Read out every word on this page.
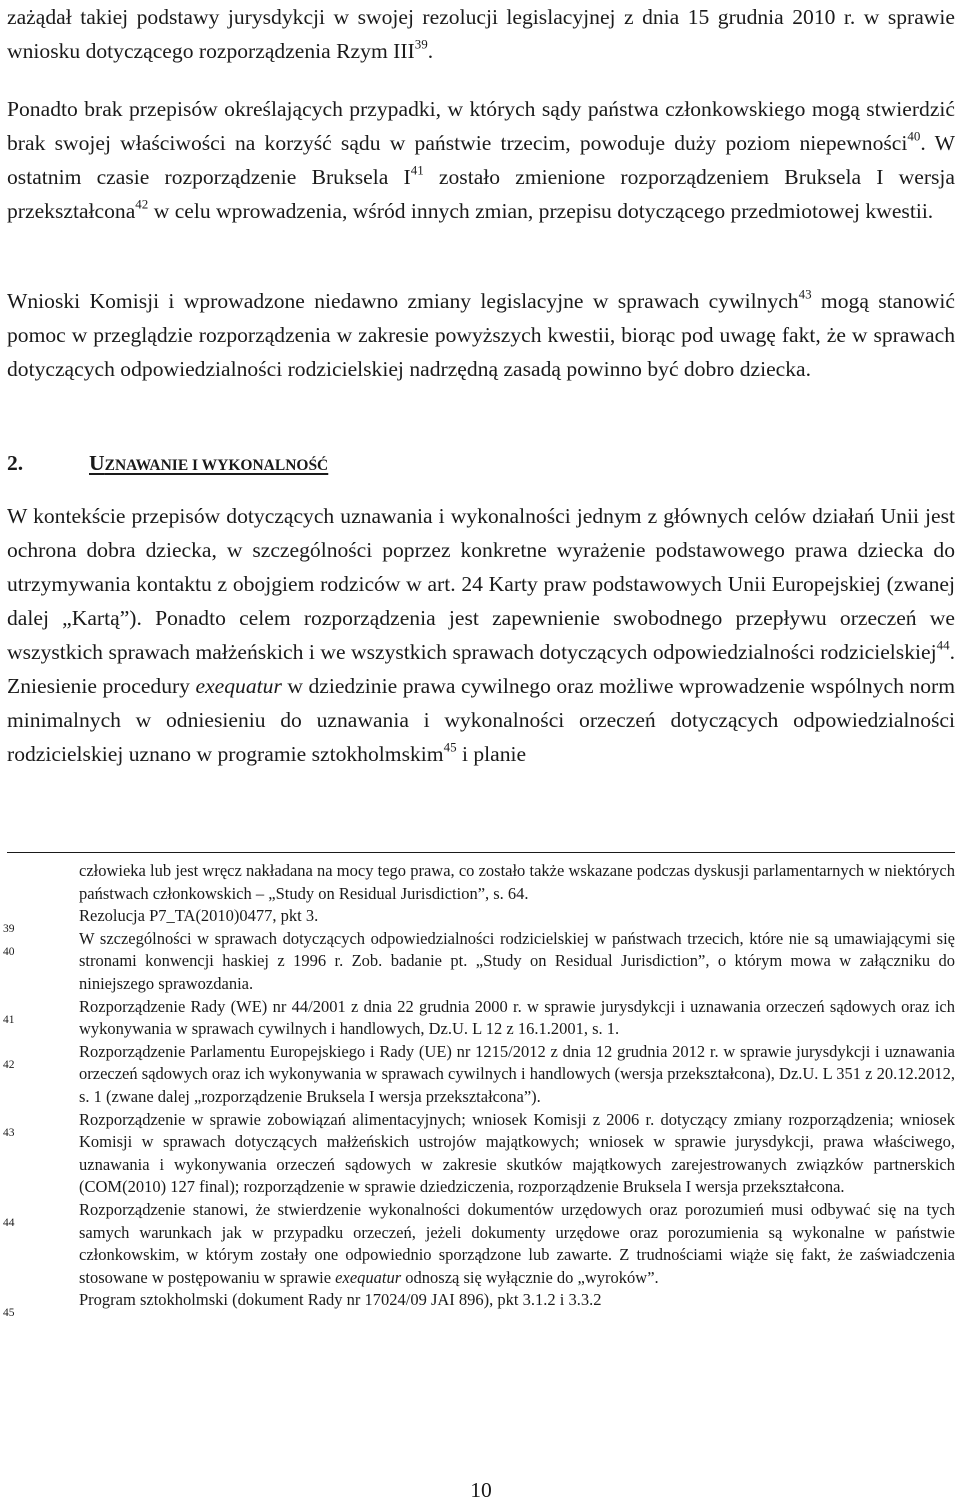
zażądał takiej podstawy jurysdykcji w swojej rezolucji legislacyjnej z dnia 15 grudnia 2010 r. w sprawie wniosku dotyczącego rozporządzenia Rzym III$^{39}$.

Ponadto brak przepisów określających przypadki, w których sądy państwa członkowskiego mogą stwierdzić brak swojej właściwości na korzyść sądu w państwie trzecim, powoduje duży poziom niepewności$^{40}$. W ostatnim czasie rozporządzenie Bruksela $I^{41}$ zostało zmienione rozporządzeniem Bruksela I wersja przekształcona$^{42}$ w celu wprowadzenia, wśród innych zmian, przepisu dotyczącego przedmiotowej kwestii.

Wnioski Komisji i wprowadzone niedawno zmiany legislacyjne w sprawach cywilnych$^{43}$ mogą stanowić pomoc w przeglądzie rozporządzenia w zakresie powyższych kwestii, biorąc pod uwagę fakt, że w sprawach dotyczących odpowiedzialności rodzicielskiej nadrzędną zasadą powinno być dobro dziecka.

2.	UZNAWANIE I WYKONALNOŚĆ

W kontekście przepisów dotyczących uznawania i wykonalności jednym z głównych celów działań Unii jest ochrona dobra dziecka, w szczególności poprzez konkretne wyrażenie podstawowego prawa dziecka do utrzymywania kontaktu z obojgiem rodziców w art. 24 Karty praw podstawowych Unii Europejskiej (zwanej dalej „Kartą”). Ponadto celem rozporządzenia jest zapewnienie swobodnego przepływu orzeczeń we wszystkich sprawach małżeńskich i we wszystkich sprawach dotyczących odpowiedzialności rodzicielskiej$^{44}$. Zniesienie procedury exequatur w dziedzinie prawa cywilnego oraz możliwe wprowadzenie wspólnych norm minimalnych w odniesieniu do uznawania i wykonalności orzeczeń dotyczących odpowiedzialności rodzicielskiej uznano w programie sztokholmskim$^{45}$ i planie

człowieka lub jest wręcz nakładana na mocy tego prawa, co zostało także wskazane podczas dyskusji parlamentarnych w niektórych państwach członkowskich – „Study on Residual Jurisdiction”, s. 64.
39
Rezolucja P7_TA(2010)0477, pkt 3.
40
W szczególności w sprawach dotyczących odpowiedzialności rodzicielskiej w państwach trzecich, które nie są umawiającymi się stronami konwencji haskiej z 1996 r. Zob. badanie pt. „Study on Residual Jurisdiction”, o którym mowa w załączniku do niniejszego sprawozdania.
41
Rozporządzenie Rady (WE) nr 44/2001 z dnia 22 grudnia 2000 r. w sprawie jurysdykcji i uznawania orzeczeń sądowych oraz ich wykonywania w sprawach cywilnych i handlowych, Dz.U. L 12 z 16.1.2001, s. 1.
42
Rozporządzenie Parlamentu Europejskiego i Rady (UE) nr 1215/2012 z dnia 12 grudnia 2012 r. w sprawie jurysdykcji i uznawania orzeczeń sądowych oraz ich wykonywania w sprawach cywilnych i handlowych (wersja przekształcona), Dz.U. L 351 z 20.12.2012, s. 1 (zwane dalej „rozporządzenie Bruksela I wersja przekształcona”).
43
Rozporządzenie w sprawie zobowiązań alimentacyjnych; wniosek Komisji z 2006 r. dotyczący zmiany rozporządzenia; wniosek Komisji w sprawach dotyczących małżeńskich ustrojów majątkowych; wniosek w sprawie jurysdykcji, prawa właściwego, uznawania i wykonywania orzeczeń sądowych w zakresie skutków majątkowych zarejestrowanych związków partnerskich (COM(2010) 127 final); rozporządzenie w sprawie dziedziczenia, rozporządzenie Bruksela I wersja przekształcona.
44
Rozporządzenie stanowi, że stwierdzenie wykonalności dokumentów urzędowych oraz porozumień musi odbywać się na tych samych warunkach jak w przypadku orzeczeń, jeżeli dokumenty urzędowe oraz porozumienia są wykonalne w państwie członkowskim, w którym zostały one odpowiednio sporządzone lub zawarte. Z trudnościami wiąże się fakt, że zaświadczenia stosowane w postępowaniu w sprawie exequatur odnoszą się wyłącznie do „wyroków”.
45
Program sztokholmski (dokument Rady nr 17024/09 JAI 896), pkt 3.1.2 i 3.3.2
10
